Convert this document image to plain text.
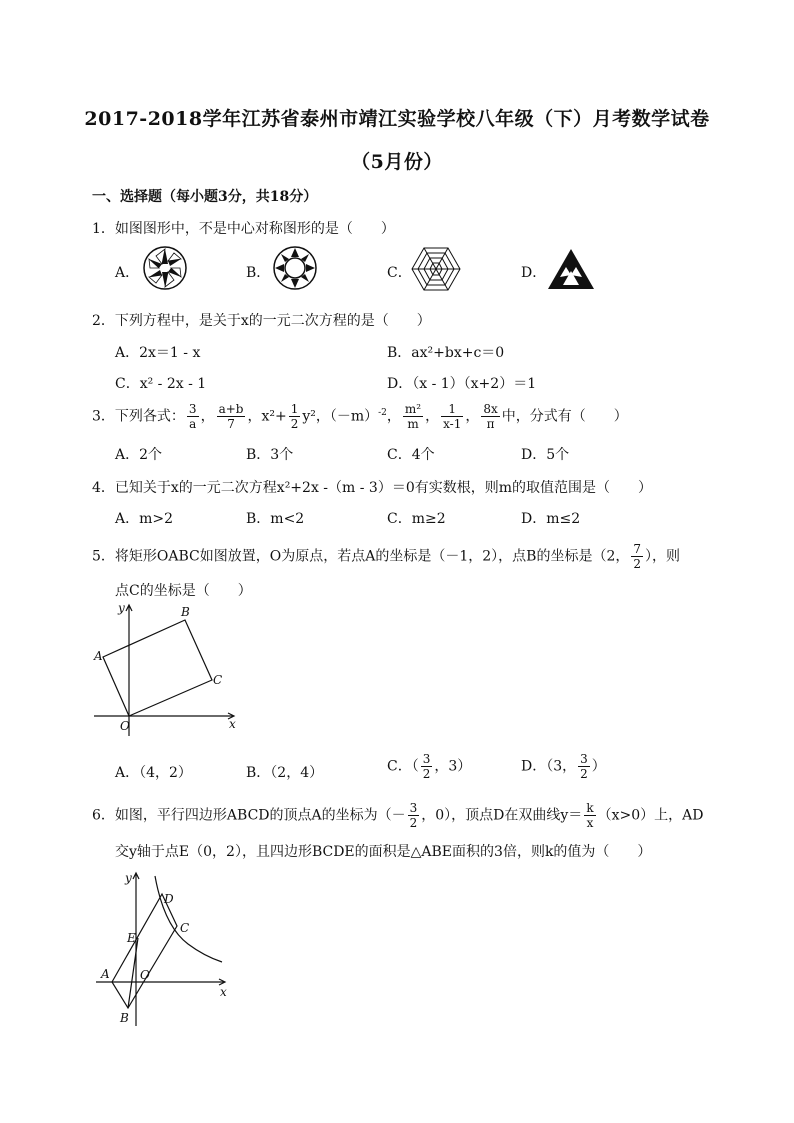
2017-2018学年江苏省泰州市靖江实验学校八年级（下）月考数学试卷
（5月份）
一、选择题（每小题3分，共18分）
1．如图图形中，不是中心对称图形的是（　　）
A．	B．	C．	D．
2．下列方程中，是关于x的一元二次方程的是（　　）
A．2x＝1 - x	B．ax²+bx+c＝0
C．x² - 2x - 1	D．（x - 1）（x+2）＝1
3．下列各式： $\frac{3}{a}$ ， $\frac{a+b}{7}$ ，$x^2+ \frac{1}{2} y^2$，$(-m)^{-2}$， $\frac{\text{m²}}{m}$ ， $\frac{1}{x-1}$ ， $\frac{8x}{\pi}$ 中，分式有（　　）
A．2个	B．3个	C．4个	D．5个
4．已知关于x的一元二次方程x²+2x -（m - 3）＝0有实数根，则m的取值范围是（　　）
A．m>2	B．m<2	C．m≥2	D．m≤2
5．将矩形OABC如图放置，O为原点，若点A的坐标是（－1，2），点B的坐标是（2， $\frac{7}{2}$ ），则
点C的坐标是（　　）
y
x
O
A
B
C
A．（4，2）	B．（2，4）	C．（ $\frac{3}{2}$ ，3）	D．（3， $\frac{3}{2}$ ）
6．如图，平行四边形ABCD的顶点A的坐标为（－ $\frac{3}{2}$ ，0），顶点D在双曲线$y= \frac{k}{x} (x>0)$上，AD
交y轴于点E（0，2），且四边形BCDE的面积是△ABE面积的3倍，则k的值为（　　）
y
x
O
A
B
C
D
E
